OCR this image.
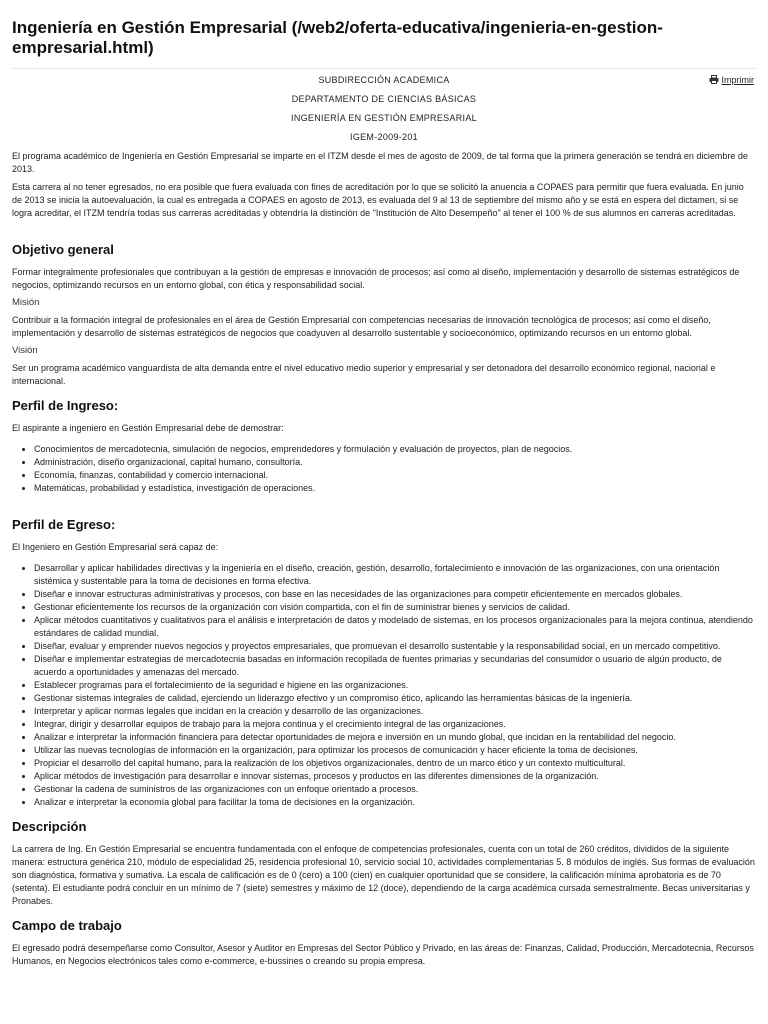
Ingeniería en Gestión Empresarial (/web2/oferta-educativa/ingenieria-en-gestion-empresarial.html)
Imprimir
SUBDIRECCIÓN ACADEMICA
DEPARTAMENTO DE CIENCIAS BÁSICAS
INGENIERÍA EN GESTIÓN EMPRESARIAL
IGEM-2009-201

El programa académico de Ingeniería en Gestión Empresarial se imparte en el ITZM desde el mes de agosto de 2009, de tal forma que la primera generación se tendrá en diciembre de 2013.

Esta carrera al no tener egresados, no era posible que fuera evaluada con fines de acreditación por lo que se solicitó la anuencia a COPAES para permitir que fuera evaluada. En junio de 2013 se inicia la autoevaluación, la cual es entregada a COPAES en agosto de 2013, es evaluada del 9 al 13 de septiembre del mismo año y se está en espera del dictamen, si se logra acreditar, el ITZM tendría todas sus carreras acreditadas y obtendría la distinción de "Institución de Alto Desempeño" al tener el 100 % de sus alumnos en carreras acreditadas.

Objetivo general

Formar integralmente profesionales que contribuyan a la gestión de empresas e innovación de procesos; así como al diseño, implementación y desarrollo de sistemas estratégicos de negocios, optimizando recursos en un entorno global, con ética y responsabilidad social.

Misión

Contribuir a la formación integral de profesionales en el área de Gestión Empresarial con competencias necesarias de innovación tecnológica de procesos; así como el diseño, implementación y desarrollo de sistemas estratégicos de negocios que coadyuven al desarrollo sustentable y socioeconómico, optimizando recursos en un entorno global.

Visión

Ser un programa académico vanguardista de alta demanda entre el nivel educativo medio superior y empresarial y ser detonadora del desarrollo económico regional, nacional e internacional.

Perfil de Ingreso:

El aspirante a ingeniero en Gestión Empresarial debe de demostrar:

• Conocimientos de mercadotecnia, simulación de negocios, emprendedores y formulación y evaluación de proyectos, plan de negocios.
• Administración, diseño organizacional, capital humano, consultoría.
• Economía, finanzas, contabilidad y comercio internacional.
• Matemáticas, probabilidad y estadística, investigación de operaciones.
Perfil de Egreso:

El Ingeniero en Gestión Empresarial será capaz de:

• Desarrollar y aplicar habilidades directivas y la ingeniería en el diseño, creación, gestión, desarrollo, fortalecimiento e innovación de las organizaciones, con una orientación sistémica y sustentable para la toma de decisiones en forma efectiva.
• Diseñar e innovar estructuras administrativas y procesos, con base en las necesidades de las organizaciones para competir eficientemente en mercados globales.
• Gestionar eficientemente los recursos de la organización con visión compartida, con el fin de suministrar bienes y servicios de calidad.
• Aplicar métodos cuantitativos y cualitativos para el análisis e interpretación de datos y modelado de sistemas, en los procesos organizacionales para la mejora continua, atendiendo estándares de calidad mundial.
• Diseñar, evaluar y emprender nuevos negocios y proyectos empresariales, que promuevan el desarrollo sustentable y la responsabilidad social, en un mercado competitivo.
• Diseñar e implementar estrategias de mercadotecnia basadas en información recopilada de fuentes primarias y secundarias del consumidor o usuario de algún producto, de acuerdo a oportunidades y amenazas del mercado.
• Establecer programas para el fortalecimiento de la seguridad e higiene en las organizaciones.
• Gestionar sistemas integrales de calidad, ejerciendo un liderazgo efectivo y un compromiso ético, aplicando las herramientas básicas de la ingeniería.
• Interpretar y aplicar normas legales que incidan en la creación y desarrollo de las organizaciones.
• Integrar, dirigir y desarrollar equipos de trabajo para la mejora continua y el crecimiento integral de las organizaciones.
• Analizar e interpretar la información financiera para detectar oportunidades de mejora e inversión en un mundo global, que incidan en la rentabilidad del negocio.
• Utilizar las nuevas tecnologías de información en la organización, para optimizar los procesos de comunicación y hacer eficiente la toma de decisiones.
• Propiciar el desarrollo del capital humano, para la realización de los objetivos organizacionales, dentro de un marco ético y un contexto multicultural.
• Aplicar métodos de investigación para desarrollar e innovar sistemas, procesos y productos en las diferentes dimensiones de la organización.
• Gestionar la cadena de suministros de las organizaciones con un enfoque orientado a procesos.
• Analizar e interpretar la economía global para facilitar la toma de decisiones en la organización.
Descripción

La carrera de Ing. En Gestión Empresarial se encuentra fundamentada con el enfoque de competencias profesionales, cuenta con un total de 260 créditos, divididos de la siguiente manera: estructura genérica 210, módulo de especialidad 25, residencia profesional 10, servicio social 10, actividades complementarias 5. 8 módulos de inglés. Sus formas de evaluación son diagnóstica, formativa y sumativa. La escala de calificación es de 0 (cero) a 100 (cien) en cualquier oportunidad que se considere, la calificación mínima aprobatoria es de 70 (setenta). El estudiante podrá concluir en un mínimo de 7 (siete) semestres y máximo de 12 (doce), dependiendo de la carga académica cursada semestralmente. Becas universitarias y Pronabes.

Campo de trabajo

El egresado podrá desempeñarse como Consultor, Asesor y Auditor en Empresas del Sector Público y Privado, en las áreas de: Finanzas, Calidad, Producción, Mercadotecnia, Recursos Humanos, en Negocios electrónicos tales como e-commerce, e-bussines o creando su propia empresa.
